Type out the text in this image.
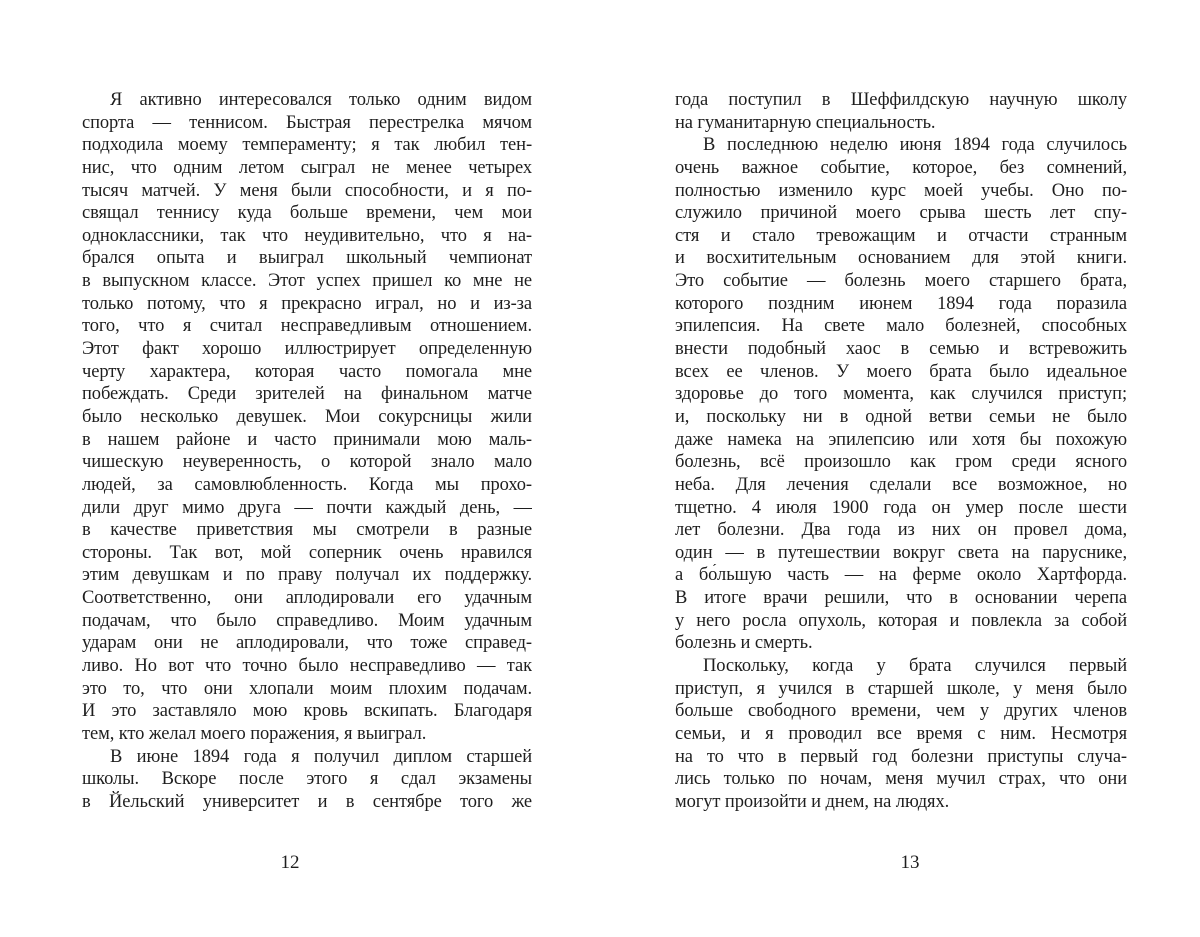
Я активно интересовался только одним видом
спорта — теннисом. Быстрая перестрелка мячом
подходила моему темпераменту; я так любил тен-
нис, что одним летом сыграл не менее четырех
тысяч матчей. У меня были способности, и я по-
свящал теннису куда больше времени, чем мои
одноклассники, так что неудивительно, что я на-
брался опыта и выиграл школьный чемпионат
в выпускном классе. Этот успех пришел ко мне не
только потому, что я прекрасно играл, но и из-за
того, что я считал несправедливым отношением.
Этот факт хорошо иллюстрирует определенную
черту характера, которая часто помогала мне
побеждать. Среди зрителей на финальном матче
было несколько девушек. Мои сокурсницы жили
в нашем районе и часто принимали мою маль-
чишескую неуверенность, о которой знало мало
людей, за самовлюбленность. Когда мы прохо-
дили друг мимо друга — почти каждый день, —
в качестве приветствия мы смотрели в разные
стороны. Так вот, мой соперник очень нравился
этим девушкам и по праву получал их поддержку.
Соответственно, они аплодировали его удачным
подачам, что было справедливо. Моим удачным
ударам они не аплодировали, что тоже справед-
ливо. Но вот что точно было несправедливо — так
это то, что они хлопали моим плохим подачам.
И это заставляло мою кровь вскипать. Благодаря
тем, кто желал моего поражения, я выиграл.
В июне 1894 года я получил диплом старшей
школы. Вскоре после этого я сдал экзамены
в Йельский университет и в сентябре того же
года поступил в Шеффилдскую научную школу
на гуманитарную специальность.
В последнюю неделю июня 1894 года случилось
очень важное событие, которое, без сомнений,
полностью изменило курс моей учебы. Оно по-
служило причиной моего срыва шесть лет спу-
стя и стало тревожащим и отчасти странным
и восхитительным основанием для этой книги.
Это событие — болезнь моего старшего брата,
которого поздним июнем 1894 года поразила
эпилепсия. На свете мало болезней, способных
внести подобный хаос в семью и встревожить
всех ее членов. У моего брата было идеальное
здоровье до того момента, как случился приступ;
и, поскольку ни в одной ветви семьи не было
даже намека на эпилепсию или хотя бы похожую
болезнь, всё произошло как гром среди ясного
неба. Для лечения сделали все возможное, но
тщетно. 4 июля 1900 года он умер после шести
лет болезни. Два года из них он провел дома,
один — в путешествии вокруг света на паруснике,
а бо́льшую часть — на ферме около Хартфорда.
В итоге врачи решили, что в основании черепа
у него росла опухоль, которая и повлекла за собой
болезнь и смерть.
Поскольку, когда у брата случился первый
приступ, я учился в старшей школе, у меня было
больше свободного времени, чем у других членов
семьи, и я проводил все время с ним. Несмотря
на то что в первый год болезни приступы случа-
лись только по ночам, меня мучил страх, что они
могут произойти и днем, на людях.
12	13
